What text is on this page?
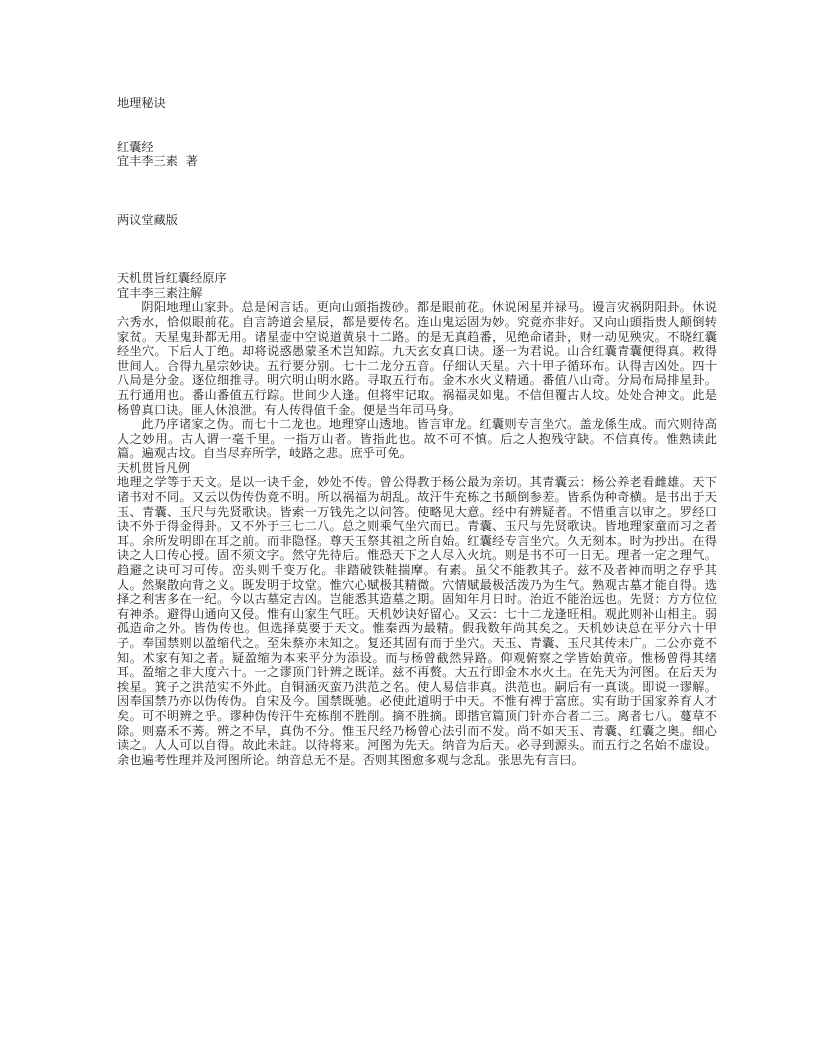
地理秘诀
红囊经
宜丰李三素  著
两议堂藏版
天机贯旨红囊经原序
宜丰李三素注解

阴阳地理山家卦。总是闲言话。更向山頭指拨砂。都是眼前花。休说闲星并禄马。谩言灾祸阴阳卦。休说六秀水，恰似眼前花。自言誇道会星辰，都是要传名。连山鬼运固为妙。究竟亦非好。又向山頭指贵人颠倒转家贫。天星鬼卦都无用。诸星壶中空说道黄泉十二路。的是无真趋番，见绝命诸卦，财一动见殃灾。不晓红囊经坐穴。下后人丁绝。却将说惑愚蒙圣术岂知踪。九天玄女真口诀。逐一为君说。山合红囊青囊便得真。救得世间人。合得九星宗妙诀。五行要分别。七十二龙分五音。仔细认天星。六十甲子循环布。认得吉凶处。四十八局是分金。逐位细推寻。明穴明山明水路。寻取五行布。金木水火义精通。番值八山奇。分局布局排星卦。五行通用也。番山番值五行踪。世间少人逢。但将牢记取。祸福灵如鬼。不信但覆古人坟。处处合神文。此是杨曾真口诀。匪人休浪泄。有人传得值千金。便是当年司马身。

此乃序诸家之伪。而七十二龙也。地理穿山透地。皆言审龙。红囊则专言坐穴。盖龙係生成。而穴则待高人之妙用。古人谓一毫千里。一指万山者。皆指此也。故不可不慎。后之人抱残守缺。不信真传。惟熟读此篇。遍观古坟。自当尽弃所学，岐路之悲。庶乎可免。

天机贯旨凡例

地理之学等于天文。是以一诀千金，妙处不传。曾公得教于杨公最为亲切。其青囊云：杨公养老看雌雄。天下诸书对不同。又云以伪传伪竟不明。所以祸福为胡乱。故汗牛充栋之书颠倒参差。皆系伪种奇横。是书出于天玉、青囊、玉尺与先贤歌诀。皆索一万钱先之以问答。使略见大意。经中有辨疑者。不惜重言以审之。罗经口诀不外于得金得卦。又不外于三七二八。总之则乘气坐穴而已。青囊、玉尺与先贤歌诀。皆地理家童而习之者耳。余所发明即在耳之前。而非隐怪。尊天玉祭其祖之所自始。红囊经专言坐穴。久无刻本。时为抄出。在得诀之人口传心授。固不须文字。然守先待后。惟恐天下之人尽入火坑。则是书不可一日无。理者一定之理气。趋避之诀可习可传。峦头则千变万化。非踏破铁鞋揣摩。有素。虽父不能教其子。兹不及者神而明之存乎其人。然聚散向背之义。既发明于坟堂。惟穴心赋极其精微。穴情赋最极活泼乃为生气。熟观古墓才能自得。选择之利害多在一纪。今以古墓定吉凶。岂能悉其造墓之期。固知年月日时。治近不能治远也。先贤：方方位位有神杀。避得山通向又侵。惟有山家生气旺。天机妙诀好留心。又云：七十二龙逢旺相。观此则补山相主。弱孤造命之外。皆伪传也。但选择莫要于天文。惟秦西为最精。假我数年尚其矣之。天机妙诀总在平分六十甲子。奉国禁则以盈缩代之。至朱蔡亦未知之。复还其固有而于坐穴。天玉、青囊、玉尺其传未广。二公亦竟不知。术家有知之者。疑盈缩为本来平分为添设。而与杨曾截然异路。仰观俯察之学皆始黄帝。惟杨曾得其绪耳。盈缩之非大度六十。一之谬顶门针辨之既详。兹不再赘。大五行即金木水火土。在先天为河图。在后天为挨星。箕子之洪范实不外此。自铜涵灭蛮乃洪范之名。使人易信非真。洪范也。嗣后有一真谈。即说一谬解。因奉国禁乃亦以伪传伪。自宋及今。国禁既驰。必使此道明于中天。不惟有裨于富庶。实有助于国家养育人才矣。可不明辨之乎。谬种伪传汗牛充栋削不胜削。摘不胜摘。即揩官篇顶门针亦合者二三。离者七八。蔓草不除。则嘉禾不莠。辨之不早，真伪不分。惟玉尺经乃杨曾心法引而不发。尚不如天玉、青囊、红囊之奥。细心读之。人人可以自得。故此未註。以待将来。河图为先天。纳音为后天。必寻到源头。而五行之名始不虚设。余也遍考性理并及河图所论。纳音总无不是。否则其图愈多观与念乱。张思先有言曰。
